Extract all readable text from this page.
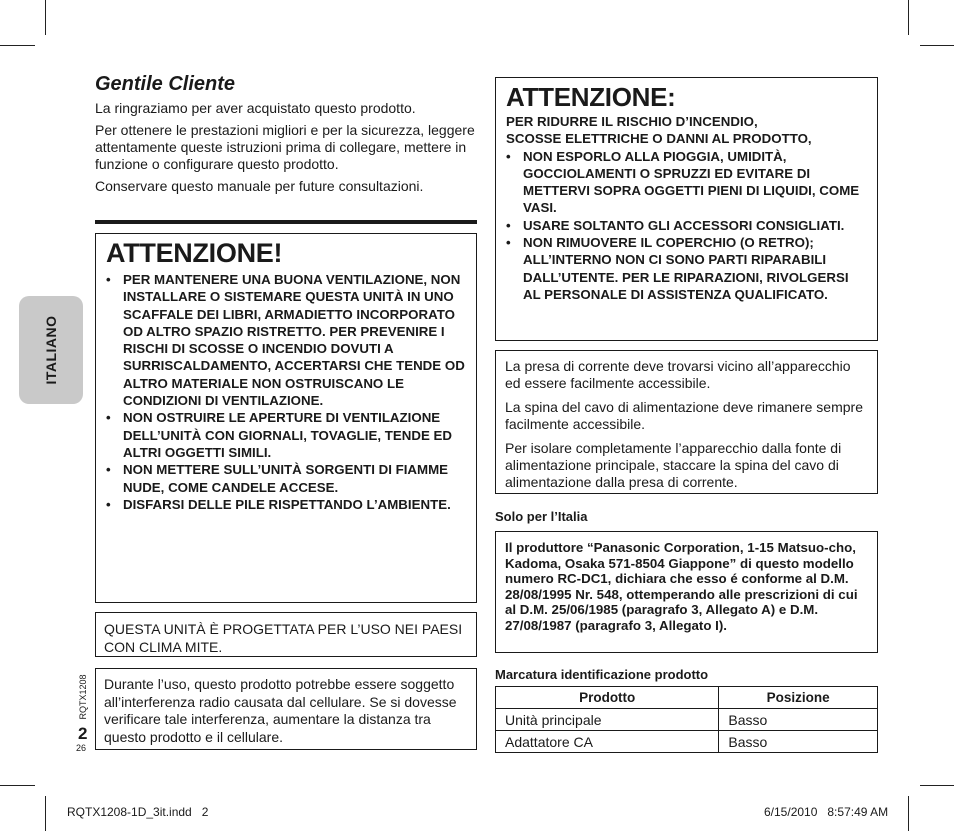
Gentile Cliente

La ringraziamo per aver acquistato questo prodotto.

Per ottenere le prestazioni migliori e per la sicurezza, leggere attentamente queste istruzioni prima di collegare, mettere in funzione o configurare questo prodotto.

Conservare questo manuale per future consultazioni.

ATTENZIONE!
• PER MANTENERE UNA BUONA VENTILAZIONE, NON INSTALLARE O SISTEMARE QUESTA UNITÀ IN UNO SCAFFALE DEI LIBRI, ARMADIETTO INCORPORATO OD ALTRO SPAZIO RISTRETTO. PER PREVENIRE I RISCHI DI SCOSSE O INCENDIO DOVUTI A SURRISCALDAMENTO, ACCERTARSI CHE TENDE OD ALTRO MATERIALE NON OSTRUISCANO LE CONDIZIONI DI VENTILAZIONE.
• NON OSTRUIRE LE APERTURE DI VENTILAZIONE DELL’UNITÀ CON GIORNALI, TOVAGLIE, TENDE ED ALTRI OGGETTI SIMILI.
• NON METTERE SULL’UNITÀ SORGENTI DI FIAMME NUDE, COME CANDELE ACCESE.
• DISFARSI DELLE PILE RISPETTANDO L’AMBIENTE.
QUESTA UNITÀ È PROGETTATA PER L’USO NEI PAESI CON CLIMA MITE.
Durante l’uso, questo prodotto potrebbe essere soggetto all’interferenza radio causata dal cellulare. Se si dovesse verificare tale interferenza, aumentare la distanza tra questo prodotto e il cellulare.
ITALIANO
RQTX1208
2
26
ATTENZIONE:

PER RIDURRE IL RISCHIO D’INCENDIO,

SCOSSE ELETTRICHE O DANNI AL PRODOTTO,

• NON ESPORLO ALLA PIOGGIA, UMIDITÀ, GOCCIOLAMENTI O SPRUZZI ED EVITARE DI METTERVI SOPRA OGGETTI PIENI DI LIQUIDI, COME VASI.
• USARE SOLTANTO GLI ACCESSORI CONSIGLIATI.
• NON RIMUOVERE IL COPERCHIO (O RETRO); ALL’INTERNO NON CI SONO PARTI RIPARABILI DALL’UTENTE. PER LE RIPARAZIONI, RIVOLGERSI AL PERSONALE DI ASSISTENZA QUALIFICATO.

La presa di corrente deve trovarsi vicino all’apparecchio ed essere facilmente accessibile.

La spina del cavo di alimentazione deve rimanere sempre facilmente accessibile.

Per isolare completamente l’apparecchio dalla fonte di alimentazione principale, staccare la spina del cavo di alimentazione dalla presa di corrente.

Solo per l’Italia
Il produttore “Panasonic Corporation, 1-15 Matsuo-cho, Kadoma, Osaka 571-8504 Giappone” di questo modello numero RC-DC1, dichiara che esso é conforme al D.M. 28/08/1995 Nr. 548, ottemperando alle prescrizioni di cui al D.M. 25/06/1985 (paragrafo 3, Allegato A) e D.M. 27/08/1987 (paragrafo 3, Allegato I).
Marcatura identificazione prodotto
Prodotto	Posizione
Unità principale	Basso
Adattatore CA	Basso
RQTX1208-1D_3it.indd   2	6/15/2010   8:57:49 AM
